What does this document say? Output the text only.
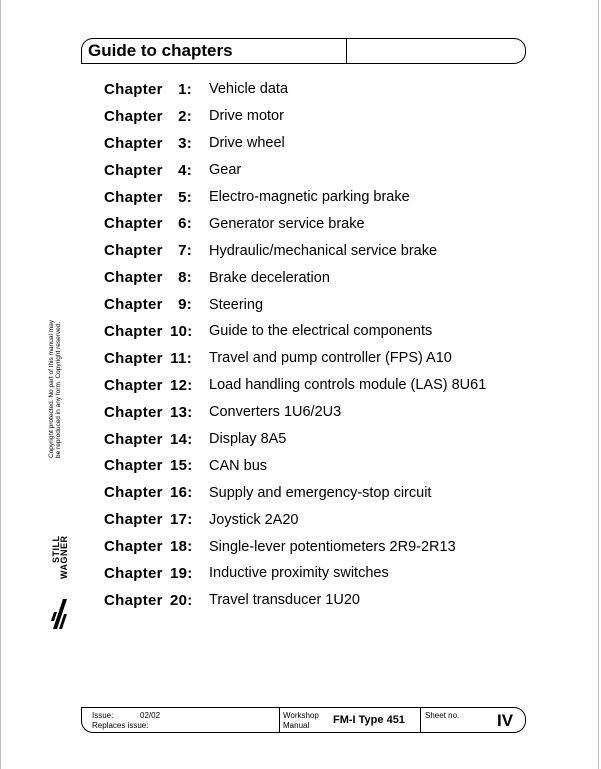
Guide to chapters
Chapter 1:	Vehicle data
Chapter 2:	Drive motor
Chapter 3:	Drive wheel
Chapter 4:	Gear
Chapter 5:	Electro-magnetic parking brake
Chapter 6:	Generator service brake
Chapter 7:	Hydraulic/mechanical service brake
Chapter 8:	Brake deceleration
Chapter 9:	Steering
Chapter 10:	Guide to the electrical components
Chapter 11:	Travel and pump controller (FPS) A10
Chapter 12:	Load handling controls module (LAS) 8U61
Chapter 13:	Converters 1U6/2U3
Chapter 14:	Display 8A5
Chapter 15:	CAN bus
Chapter 16:	Supply and emergency-stop circuit
Chapter 17:	Joystick 2A20
Chapter 18:	Single-lever potentiometers 2R9-2R13
Chapter 19:	Inductive proximity switches
Chapter 20:	Travel transducer 1U20
Copyright protected. No part of this manual may be reproduced in any form. Copyright reserved.
STILL
WAGNER
Issue:	02/02
Replaces issue:
Workshop
Manual FM-I Type 451	Sheet no. IV
